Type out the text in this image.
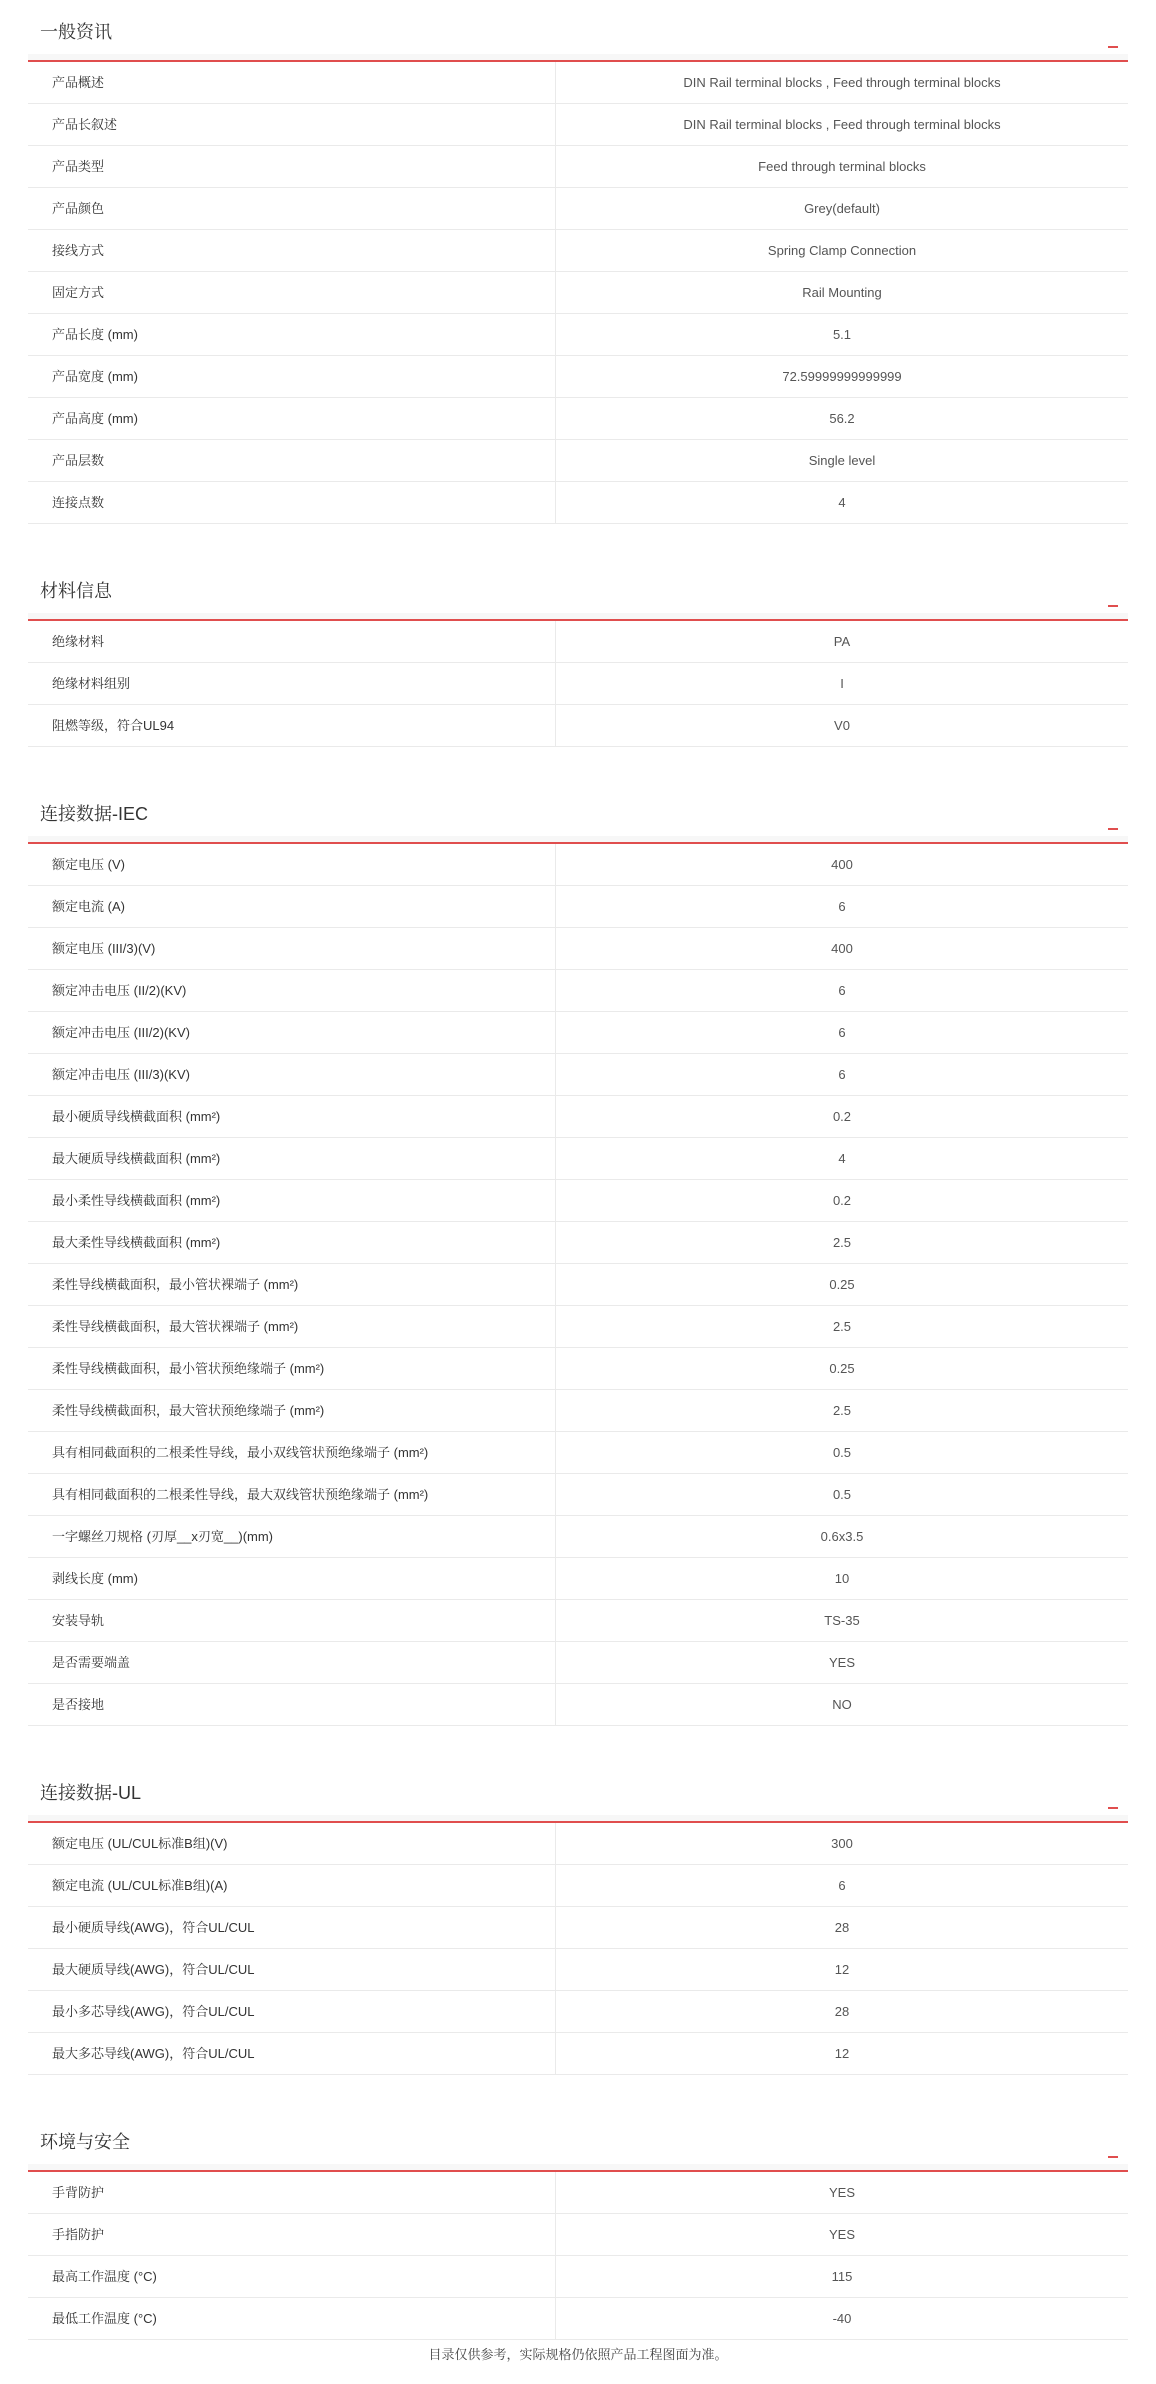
一般资讯
产品概述	DIN Rail terminal blocks , Feed through terminal blocks
产品长叙述	DIN Rail terminal blocks , Feed through terminal blocks
产品类型	Feed through terminal blocks
产品颜色	Grey(default)
接线方式	Spring Clamp Connection
固定方式	Rail Mounting
产品长度 (mm)	5.1
产品宽度 (mm)	72.59999999999999
产品高度 (mm)	56.2
产品层数	Single level
连接点数	4
材料信息
绝缘材料	PA
绝缘材料组别	I
阻燃等级，符合UL94	V0
连接数据-IEC
额定电压 (V)	400
额定电流 (A)	6
额定电压 (III/3)(V)	400
额定冲击电压 (II/2)(KV)	6
额定冲击电压 (III/2)(KV)	6
额定冲击电压 (III/3)(KV)	6
最小硬质导线横截面积 (mm²)	0.2
最大硬质导线横截面积 (mm²)	4
最小柔性导线横截面积 (mm²)	0.2
最大柔性导线横截面积 (mm²)	2.5
柔性导线横截面积，最小管状裸端子 (mm²)	0.25
柔性导线横截面积，最大管状裸端子 (mm²)	2.5
柔性导线横截面积，最小管状预绝缘端子 (mm²)	0.25
柔性导线横截面积，最大管状预绝缘端子 (mm²)	2.5
具有相同截面积的二根柔性导线，最小双线管状预绝缘端子 (mm²)	0.5
具有相同截面积的二根柔性导线，最大双线管状预绝缘端子 (mm²)	0.5
一字螺丝刀规格 (刃厚__x刃宽__)(mm)	0.6x3.5
剥线长度 (mm)	10
安装导轨	TS-35
是否需要端盖	YES
是否接地	NO
连接数据-UL
额定电压 (UL/CUL标准B组)(V)	300
额定电流 (UL/CUL标准B组)(A)	6
最小硬质导线(AWG)，符合UL/CUL	28
最大硬质导线(AWG)，符合UL/CUL	12
最小多芯导线(AWG)，符合UL/CUL	28
最大多芯导线(AWG)，符合UL/CUL	12
环境与安全
手背防护	YES
手指防护	YES
最高工作温度 (°C)	115
最低工作温度 (°C)	-40
目录仅供参考，实际规格仍依照产品工程图面为准。
